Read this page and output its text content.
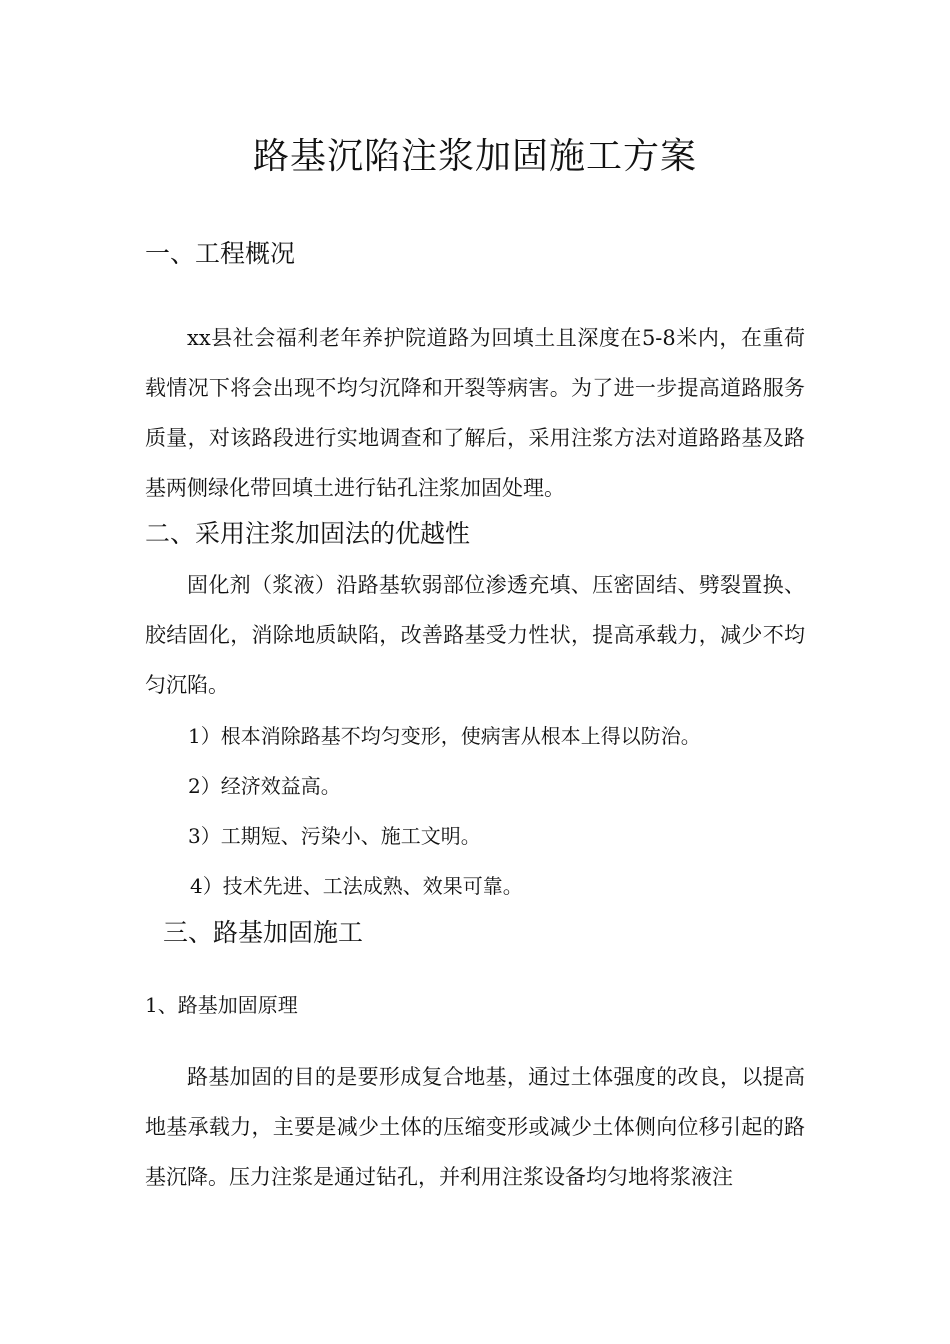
路基沉陷注浆加固施工方案
一、工程概况

xx县社会福利老年养护院道路为回填土且深度在5-8米内，在重荷载情况下将会出现不均匀沉降和开裂等病害。为了进一步提高道路服务质量，对该路段进行实地调查和了解后，采用注浆方法对道路路基及路基两侧绿化带回填土进行钻孔注浆加固处理。

二、采用注浆加固法的优越性

固化剂（浆液）沿路基软弱部位渗透充填、压密固结、劈裂置换、胶结固化，消除地质缺陷，改善路基受力性状，提高承载力，减少不均匀沉陷。

1）根本消除路基不均匀变形，使病害从根本上得以防治。
2）经济效益高。
3）工期短、污染小、施工文明。
4）技术先进、工法成熟、效果可靠。
三、路基加固施工
1、路基加固原理

路基加固的目的是要形成复合地基，通过土体强度的改良，以提高地基承载力，主要是减少土体的压缩变形或减少土体侧向位移引起的路基沉降。压力注浆是通过钻孔，并利用注浆设备均匀地将浆液注
